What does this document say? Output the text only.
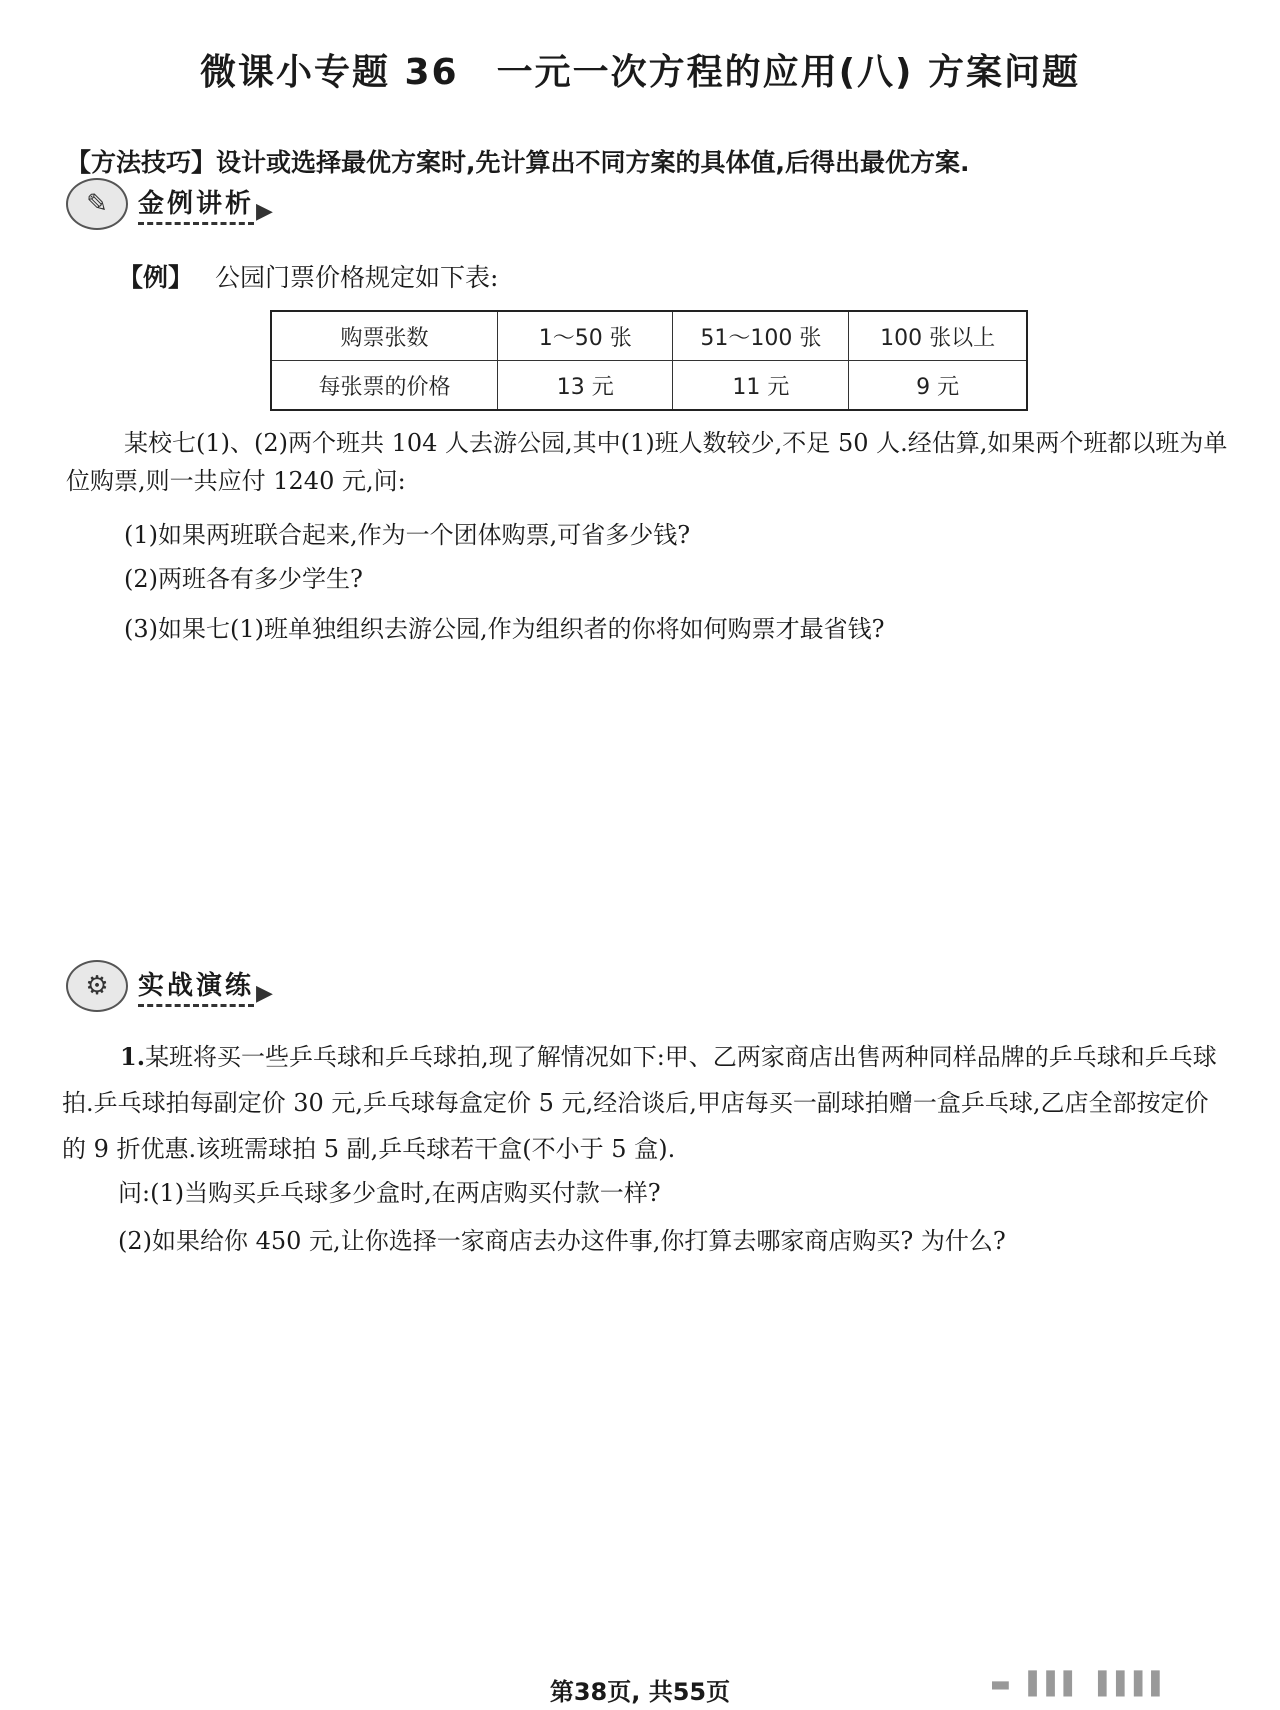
微课小专题 36　一元一次方程的应用(八) 方案问题
【方法技巧】设计或选择最优方案时,先计算出不同方案的具体值,后得出最优方案.
✎	金例讲析 ▶
【例】 公园门票价格规定如下表:
购票张数	1～50 张	51～100 张	100 张以上
每张票的价格	13 元	11 元	9 元
某校七(1)、(2)两个班共 104 人去游公园,其中(1)班人数较少,不足 50 人.经估算,如果两个班都以班为单位购票,则一共应付 1240 元,问:
(1)如果两班联合起来,作为一个团体购票,可省多少钱?
(2)两班各有多少学生?
(3)如果七(1)班单独组织去游公园,作为组织者的你将如何购票才最省钱?
⚙	实战演练 ▶
1.某班将买一些乒乓球和乒乓球拍,现了解情况如下:甲、乙两家商店出售两种同样品牌的乒乓球和乒乓球拍.乒乓球拍每副定价 30 元,乒乓球每盒定价 5 元,经洽谈后,甲店每买一副球拍赠一盒乒乓球,乙店全部按定价的 9 折优惠.该班需球拍 5 副,乒乓球若干盒(不小于 5 盒).
问:(1)当购买乒乓球多少盒时,在两店购买付款一样?
(2)如果给你 450 元,让你选择一家商店去办这件事,你打算去哪家商店购买? 为什么?
第38页, 共55页	▬ ▐▐ ▌ ▐▐▐ ▌
